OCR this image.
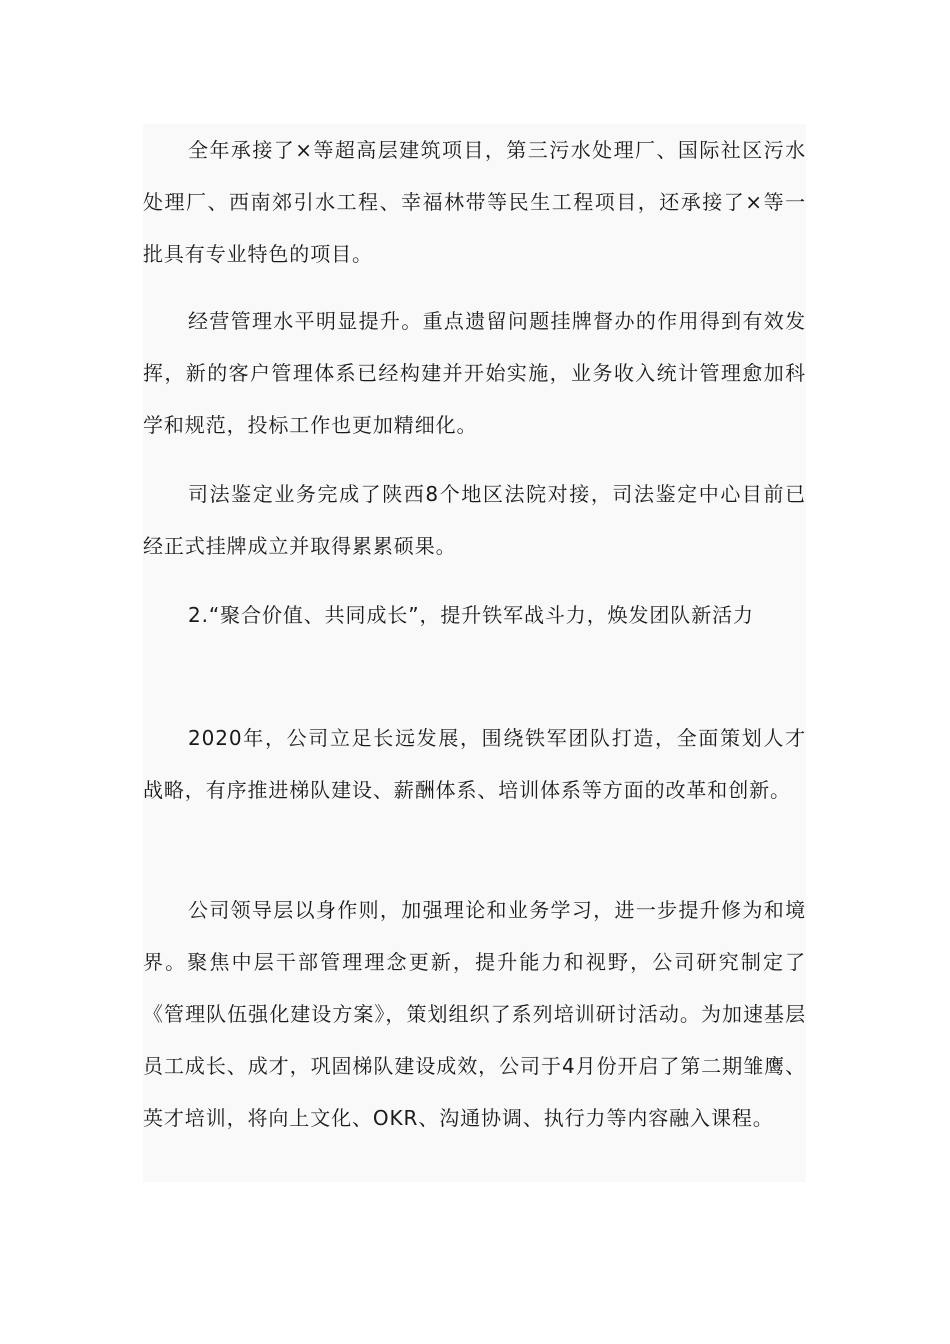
全年承接了×等超高层建筑项目，第三污水处理厂、国际社区污水处理厂、西南郊引水工程、幸福林带等民生工程项目，还承接了×等一批具有专业特色的项目。

经营管理水平明显提升。重点遗留问题挂牌督办的作用得到有效发挥，新的客户管理体系已经构建并开始实施，业务收入统计管理愈加科学和规范，投标工作也更加精细化。

司法鉴定业务完成了陕西8个地区法院对接，司法鉴定中心目前已经正式挂牌成立并取得累累硕果。

2.“聚合价值、共同成长”，提升铁军战斗力，焕发团队新活力

2020年，公司立足长远发展，围绕铁军团队打造，全面策划人才战略，有序推进梯队建设、薪酬体系、培训体系等方面的改革和创新。

公司领导层以身作则，加强理论和业务学习，进一步提升修为和境界。聚焦中层干部管理理念更新，提升能力和视野，公司研究制定了《管理队伍强化建设方案》，策划组织了系列培训研讨活动。为加速基层员工成长、成才，巩固梯队建设成效，公司于4月份开启了第二期雏鹰、英才培训，将向上文化、OKR、沟通协调、执行力等内容融入课程。
